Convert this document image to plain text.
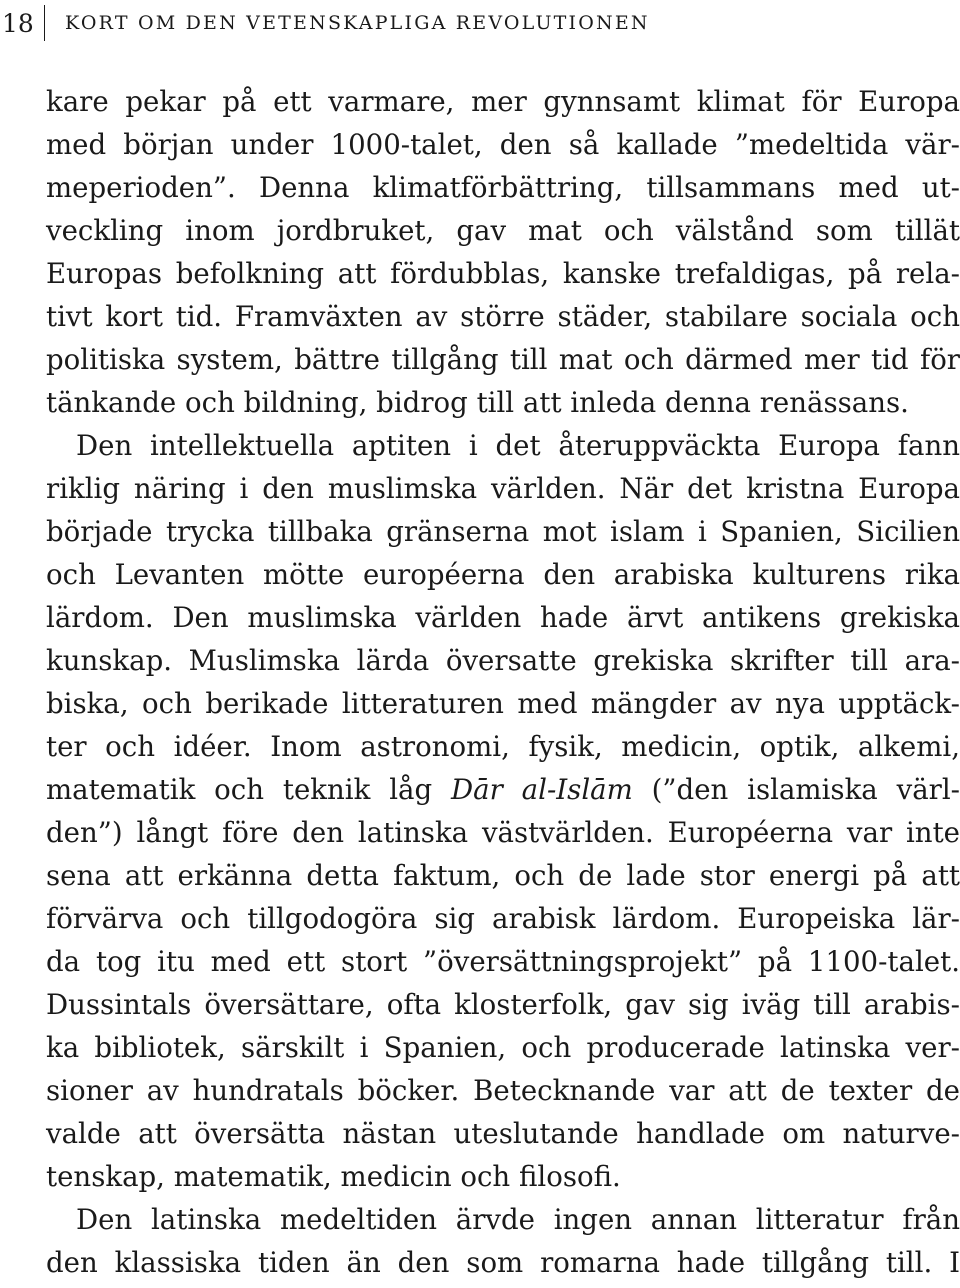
18	KORT OM DEN VETENSKAPLIGA REVOLUTIONEN
kare pekar på ett varmare, mer gynnsamt klimat för Europa
med början under 1000-talet, den så kallade ”medeltida vär-
meperioden”. Denna klimatförbättring, tillsammans med ut-
veckling inom jordbruket, gav mat och välstånd som tillät
Europas befolkning att fördubblas, kanske trefaldigas, på rela-
tivt kort tid. Framväxten av större städer, stabilare sociala och
politiska system, bättre tillgång till mat och därmed mer tid för
tänkande och bildning, bidrog till att inleda denna renässans.
Den intellektuella aptiten i det återuppväckta Europa fann
riklig näring i den muslimska världen. När det kristna Europa
började trycka tillbaka gränserna mot islam i Spanien, Sicilien
och Levanten mötte européerna den arabiska kulturens rika
lärdom. Den muslimska världen hade ärvt antikens grekiska
kunskap. Muslimska lärda översatte grekiska skrifter till ara-
biska, och berikade litteraturen med mängder av nya upptäck-
ter och idéer. Inom astronomi, fysik, medicin, optik, alkemi,
matematik och teknik låg Dār al-Islām (”den islamiska värl-
den”) långt före den latinska västvärlden. Européerna var inte
sena att erkänna detta faktum, och de lade stor energi på att
förvärva och tillgodogöra sig arabisk lärdom. Europeiska lär-
da tog itu med ett stort ”översättningsprojekt” på 1100-talet.
Dussintals översättare, ofta klosterfolk, gav sig iväg till arabis-
ka bibliotek, särskilt i Spanien, och producerade latinska ver-
sioner av hundratals böcker. Betecknande var att de texter de
valde att översätta nästan uteslutande handlade om naturve-
tenskap, matematik, medicin och filosofi.
Den latinska medeltiden ärvde ingen annan litteratur från
den klassiska tiden än den som romarna hade tillgång till. I
